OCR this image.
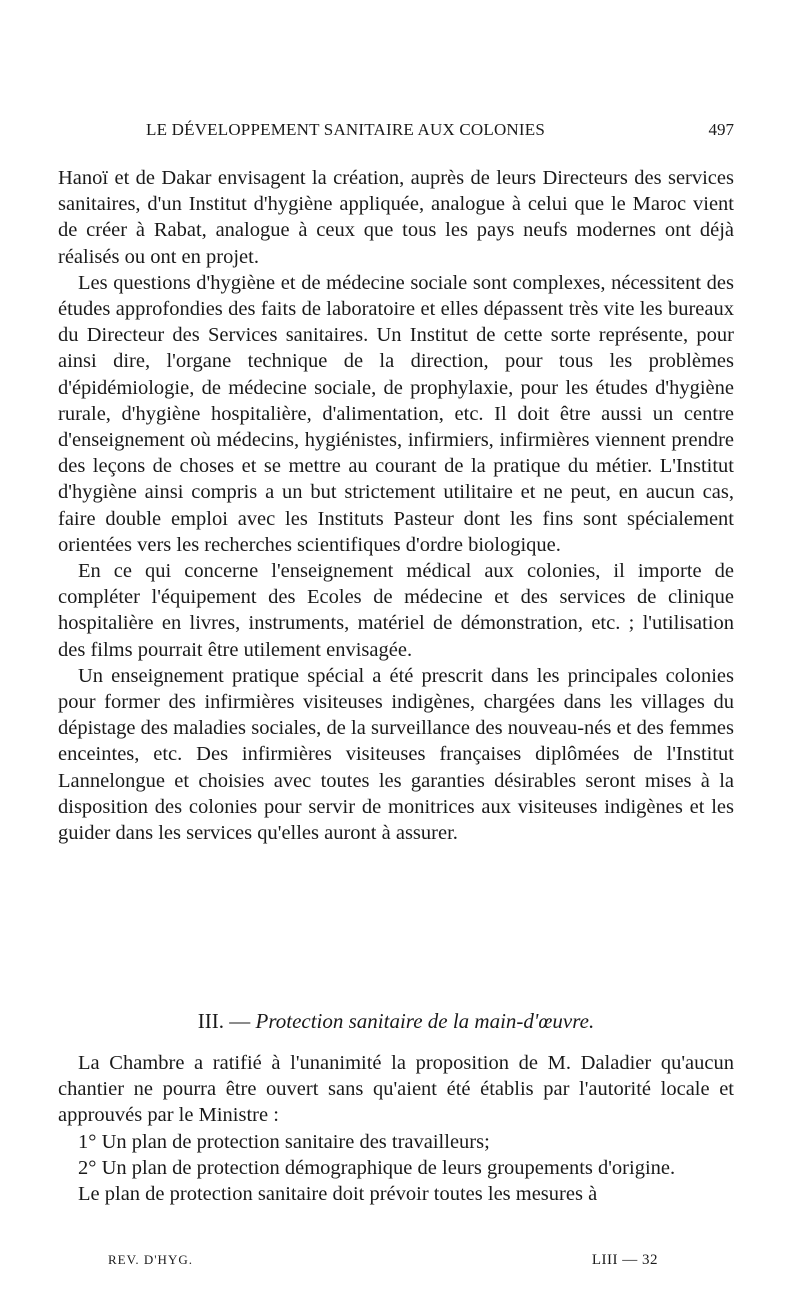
LE DÉVELOPPEMENT SANITAIRE AUX COLONIES	497

Hanoï et de Dakar envisagent la création, auprès de leurs Directeurs des services sanitaires, d'un Institut d'hygiène appliquée, analogue à celui que le Maroc vient de créer à Rabat, analogue à ceux que tous les pays neufs modernes ont déjà réalisés ou ont en projet.

Les questions d'hygiène et de médecine sociale sont complexes, nécessitent des études approfondies des faits de laboratoire et elles dépassent très vite les bureaux du Directeur des Services sanitaires. Un Institut de cette sorte représente, pour ainsi dire, l'organe technique de la direction, pour tous les problèmes d'épidémiologie, de médecine sociale, de prophylaxie, pour les études d'hygiène rurale, d'hygiène hospitalière, d'alimentation, etc. Il doit être aussi un centre d'enseignement où médecins, hygiénistes, infirmiers, infirmières viennent prendre des leçons de choses et se mettre au courant de la pratique du métier. L'Institut d'hygiène ainsi compris a un but strictement utilitaire et ne peut, en aucun cas, faire double emploi avec les Instituts Pasteur dont les fins sont spécialement orientées vers les recherches scientifiques d'ordre biologique.

En ce qui concerne l'enseignement médical aux colonies, il importe de compléter l'équipement des Ecoles de médecine et des services de clinique hospitalière en livres, instruments, matériel de démonstration, etc. ; l'utilisation des films pourrait être utilement envisagée.

Un enseignement pratique spécial a été prescrit dans les principales colonies pour former des infirmières visiteuses indigènes, chargées dans les villages du dépistage des maladies sociales, de la surveillance des nouveau-nés et des femmes enceintes, etc. Des infirmières visiteuses françaises diplômées de l'Institut Lannelongue et choisies avec toutes les garanties désirables seront mises à la disposition des colonies pour servir de monitrices aux visiteuses indigènes et les guider dans les services qu'elles auront à assurer.

III. — Protection sanitaire de la main-d'œuvre.

La Chambre a ratifié à l'unanimité la proposition de M. Daladier qu'aucun chantier ne pourra être ouvert sans qu'aient été établis par l'autorité locale et approuvés par le Ministre :

1° Un plan de protection sanitaire des travailleurs;

2° Un plan de protection démographique de leurs groupements d'origine.

Le plan de protection sanitaire doit prévoir toutes les mesures à

REV. D'HYG.	LIII — 32
